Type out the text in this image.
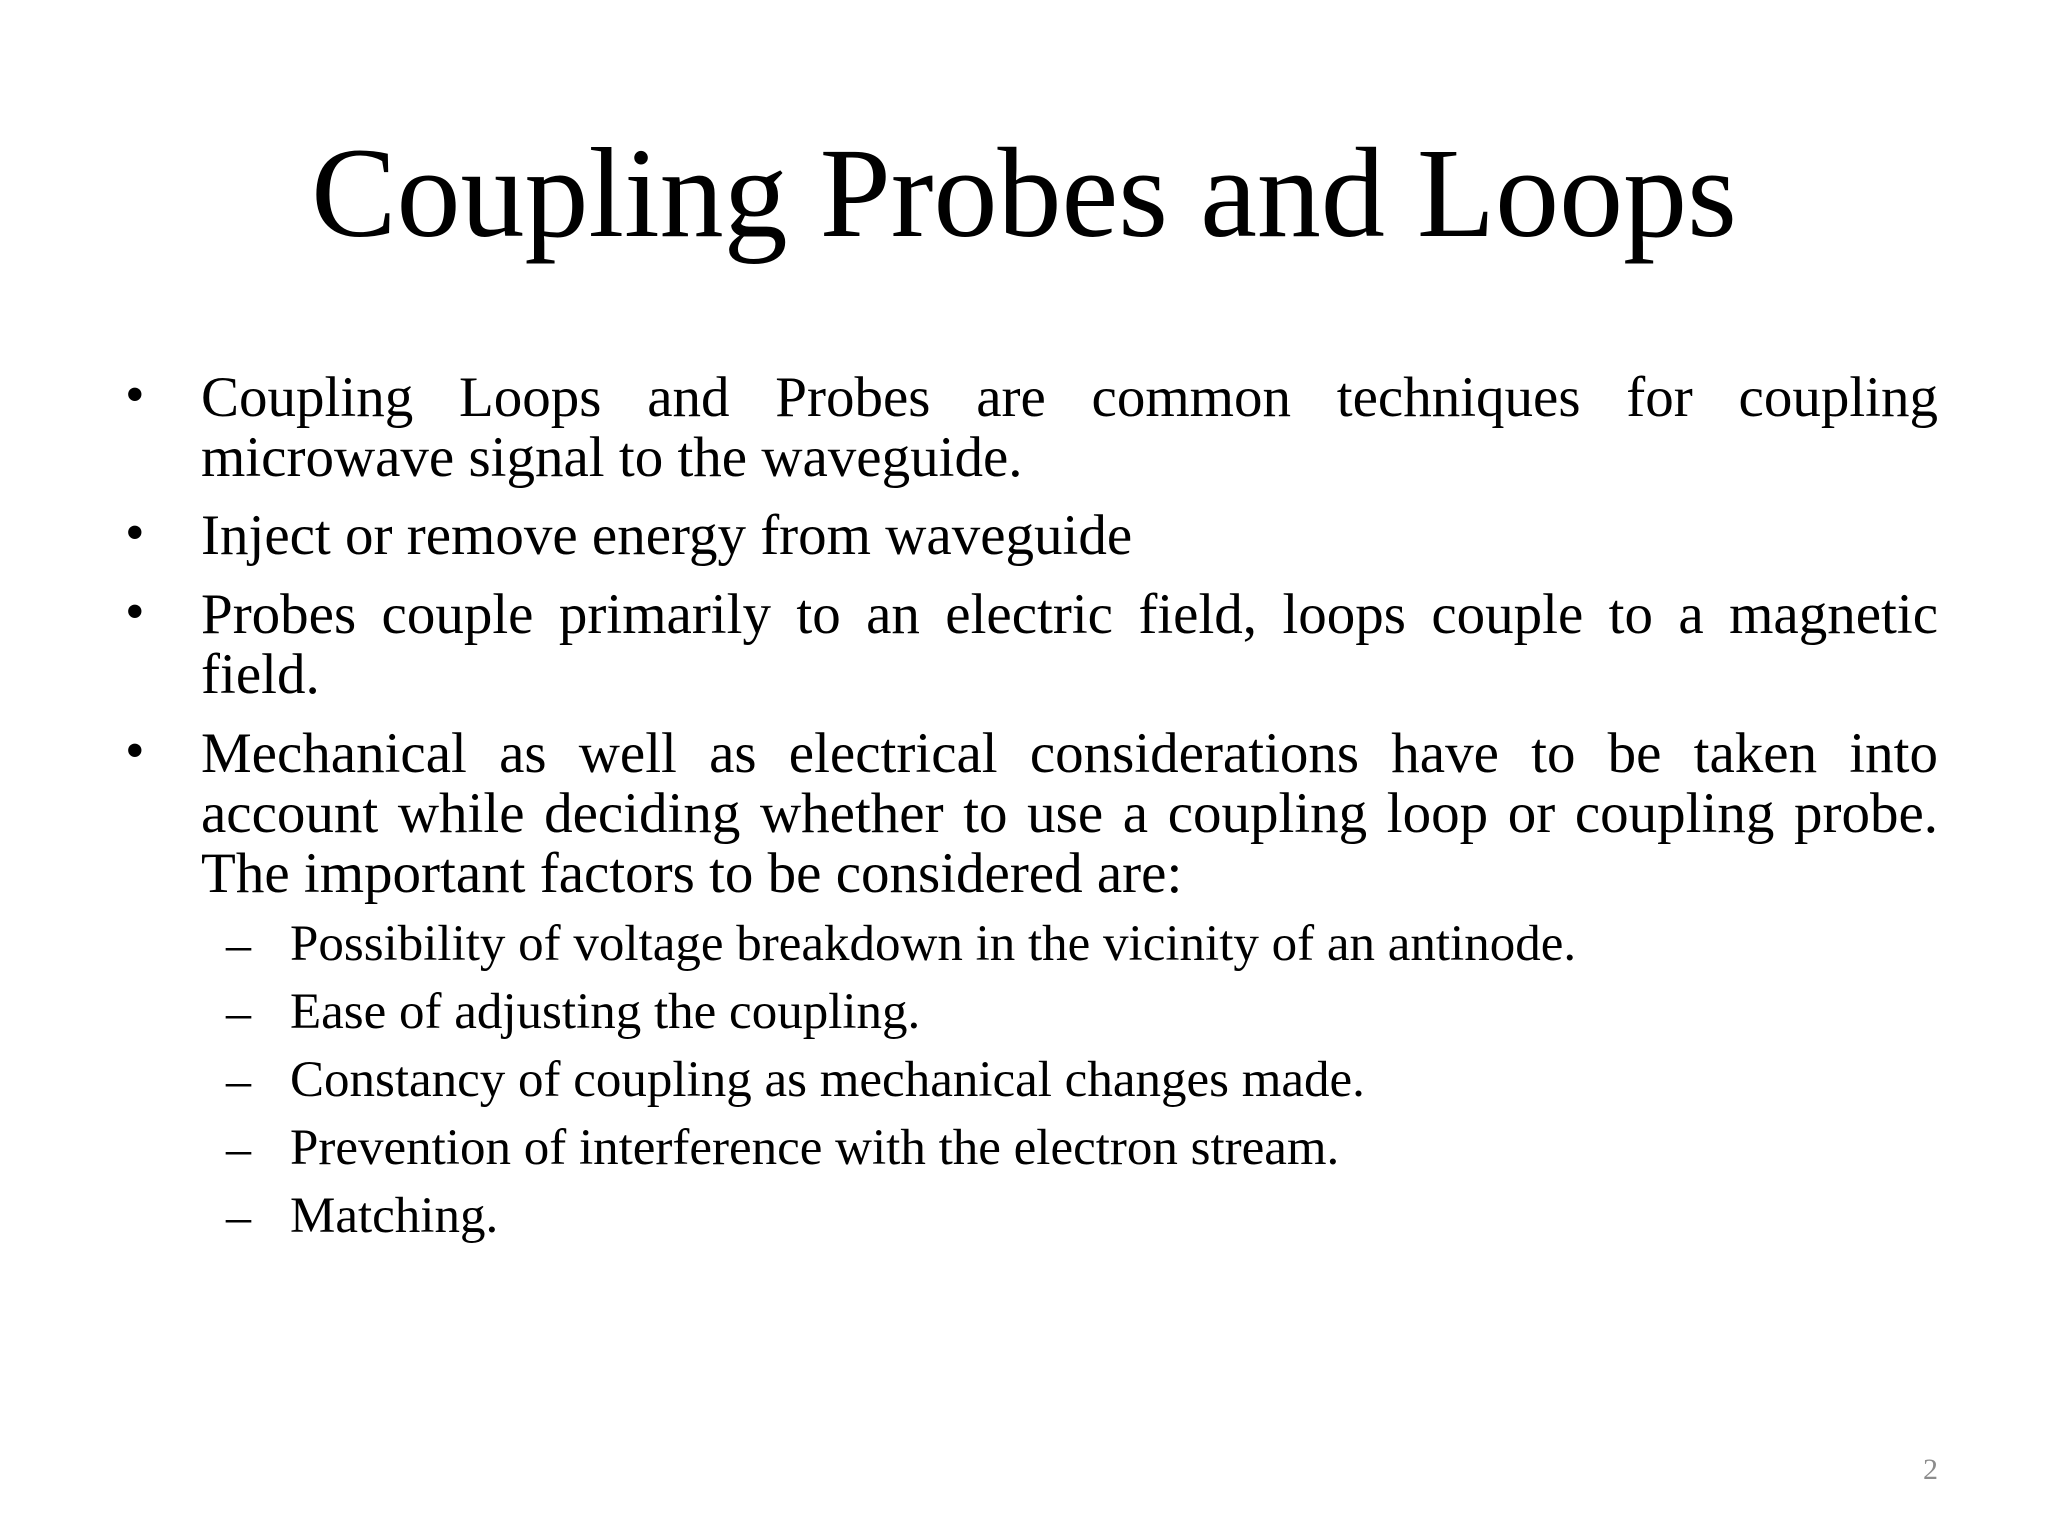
Coupling Probes and Loops
• Coupling Loops and Probes are common techniques for coupling microwave signal to the waveguide.
• Inject or remove energy from waveguide
• Probes couple primarily to an electric field, loops couple to a magnetic field.
• Mechanical as well as electrical considerations have to be taken into account while deciding whether to use a coupling loop or coupling probe. The important factors to be considered are:
– Possibility of voltage breakdown in the vicinity of an antinode.
– Ease of adjusting the coupling.
– Constancy of coupling as mechanical changes made.
– Prevention of interference with the electron stream.
– Matching.
2
